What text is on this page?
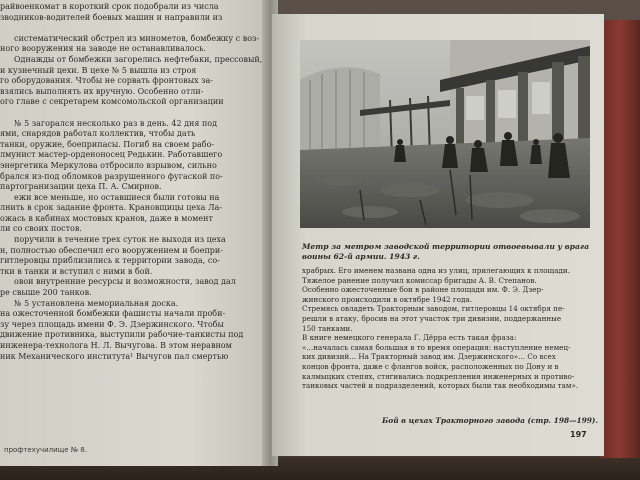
райвоенкомат в короткий срок подобрали из числа
зводников-водителей боевых машин и направили из

систематический обстрел из минометов, бомбежку с воз-
ного вооружения на заводе не останавливалось.
Однажды от бомбежки загорелись нефтебаки, прессовый,
и кузнечный цехи. В цехе № 5 вышла из строя
го оборудования. Чтобы не сорвать фронтовых за-
взялись выполнять их вручную. Особенно отли-
ого главе с секретарем комсомольской организации

№ 5 загорался несколько раз в день. 42 дня под
ями, снарядов работал коллектив, чтобы дать
танки, оружие, боеприпасы. Погиб на своем рабо-
лмунист мастер-орденоносец Редькин. Работавшего
энергетика Меркулова отбросило взрывом, сильно
брался из-под обломков разрушенного фугаской по-
партогранизации цеха П. А. Смирнов.
ежи все меньше, но оставшиеся были готовы на
лнить в срок задание фронта. Крановщицы цеха Ла-
ожась в кабинах мостовых кранов, даже в момент
ли со своих постов.
поручили в течение трех суток не выходя из цеха
н, полностью обеспечил его вооружением и боепри-
гитлеровцы приблизились к территории завода, со-
тки в танки и вступил с ними в бой.
овои внутренние ресурсы и возможности, завод дал
ре свыше 200 танков.
№ 5 установлена мемориальная доска.
на ожесточенной бомбежки фашисты начали проби-
зу через площадь имени Ф. Э. Дзержинского. Чтобы
движение противника, выступили рабочие-танкисты под
инженера-технолога Н. Л. Вычугова. В этом неравном
ник Механического института¹ Вычугов пал смертью
профтехучилище № 8.
Метр за метром заводской территории отвоевывали у врага воины 62-й армии. 1943 г.
храбрых. Его именем названа одна из улиц, прилегающих к площади.
Тяжелое ранение получил комиссар бригады А. В. Степанов.
Особенно ожесточенные бои в районе площади им. Ф. Э. Дзер-
жинского происходили в октябре 1942 года.
Стремясь овладеть Тракторным заводом, гитлеровцы 14 октября пе-
решли в атаку, бросив на этот участок три дивизии, поддержанные
150 танками.
В книге немецкого генерала Г. Дёрра есть такая фраза:
«...началась самая большая в то время операция: наступление немец-
ких дивизий... На Тракторный завод им. Дзержинского»... Со всех
концов фронта, даже с флангов войск, расположенных по Дону и в
калмыцких степях, стягивались подкрепления инженерных и противо-
танковых частей и подразделений, которых были так необходимы там».
Бой в цехах Тракторного завода (стр. 198—199).
197
